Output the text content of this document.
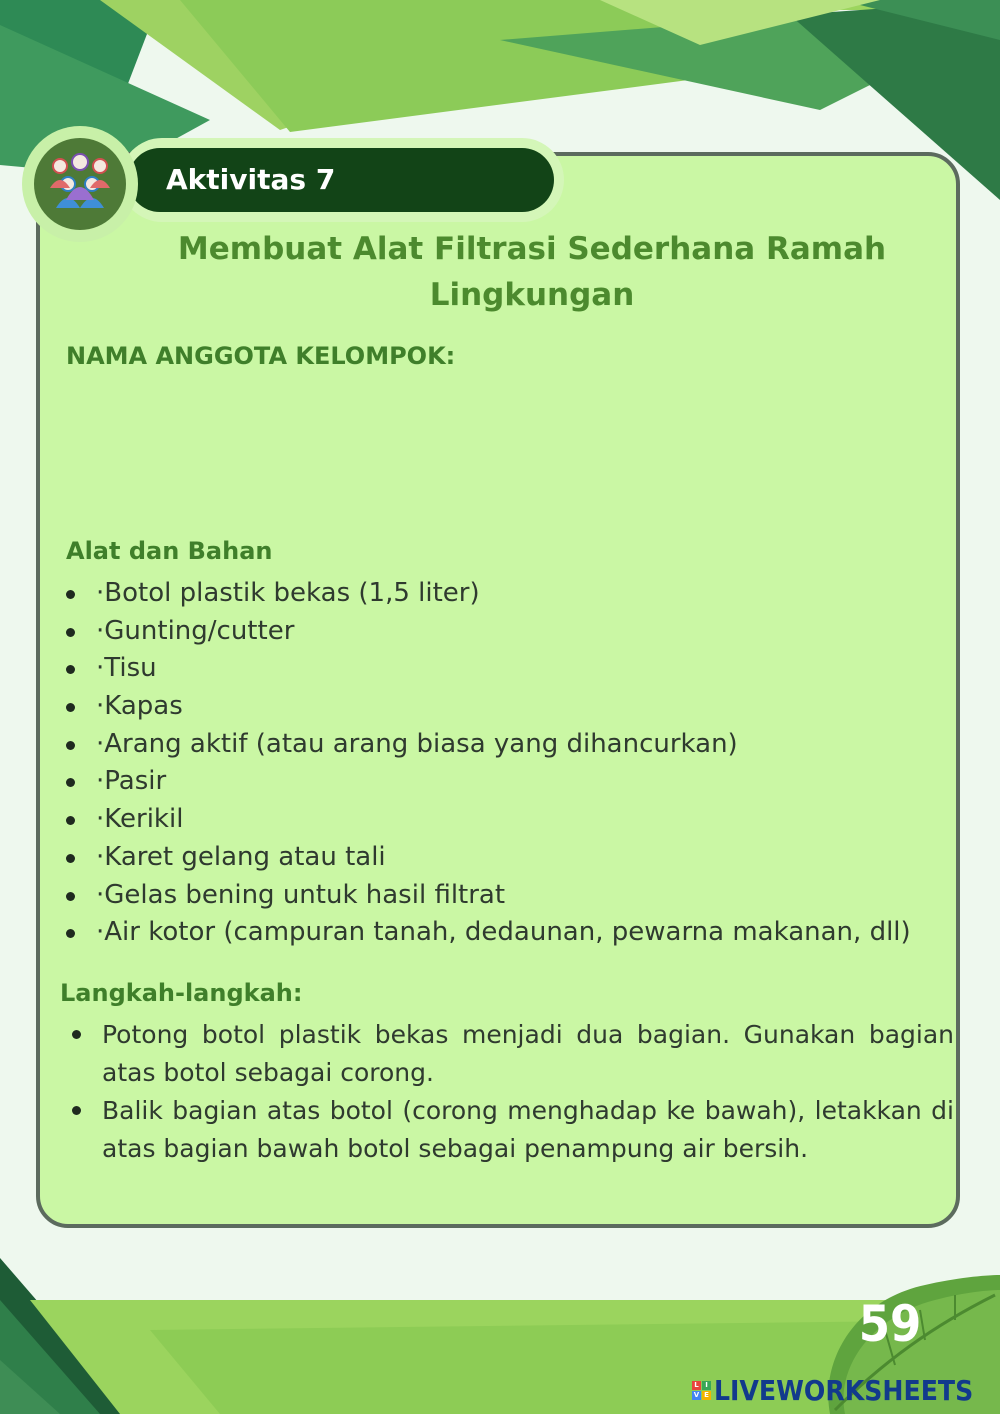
Aktivitas 7
Membuat Alat Filtrasi Sederhana Ramah Lingkungan
NAMA ANGGOTA KELOMPOK:
Alat dan Bahan
·Botol plastik bekas (1,5 liter)
·Gunting/cutter
·Tisu
·Kapas
·Arang aktif (atau arang biasa yang dihancurkan)
·Pasir
·Kerikil
·Karet gelang atau tali
·Gelas bening untuk hasil filtrat
·Air kotor (campuran tanah, dedaunan, pewarna makanan, dll)
Langkah-langkah:
Potong botol plastik bekas menjadi dua bagian. Gunakan bagian atas botol sebagai corong.
Balik bagian atas botol (corong menghadap ke bawah), letakkan di atas bagian bawah botol sebagai penampung air bersih.
59
L I
V E LIVEWORKSHEETS
